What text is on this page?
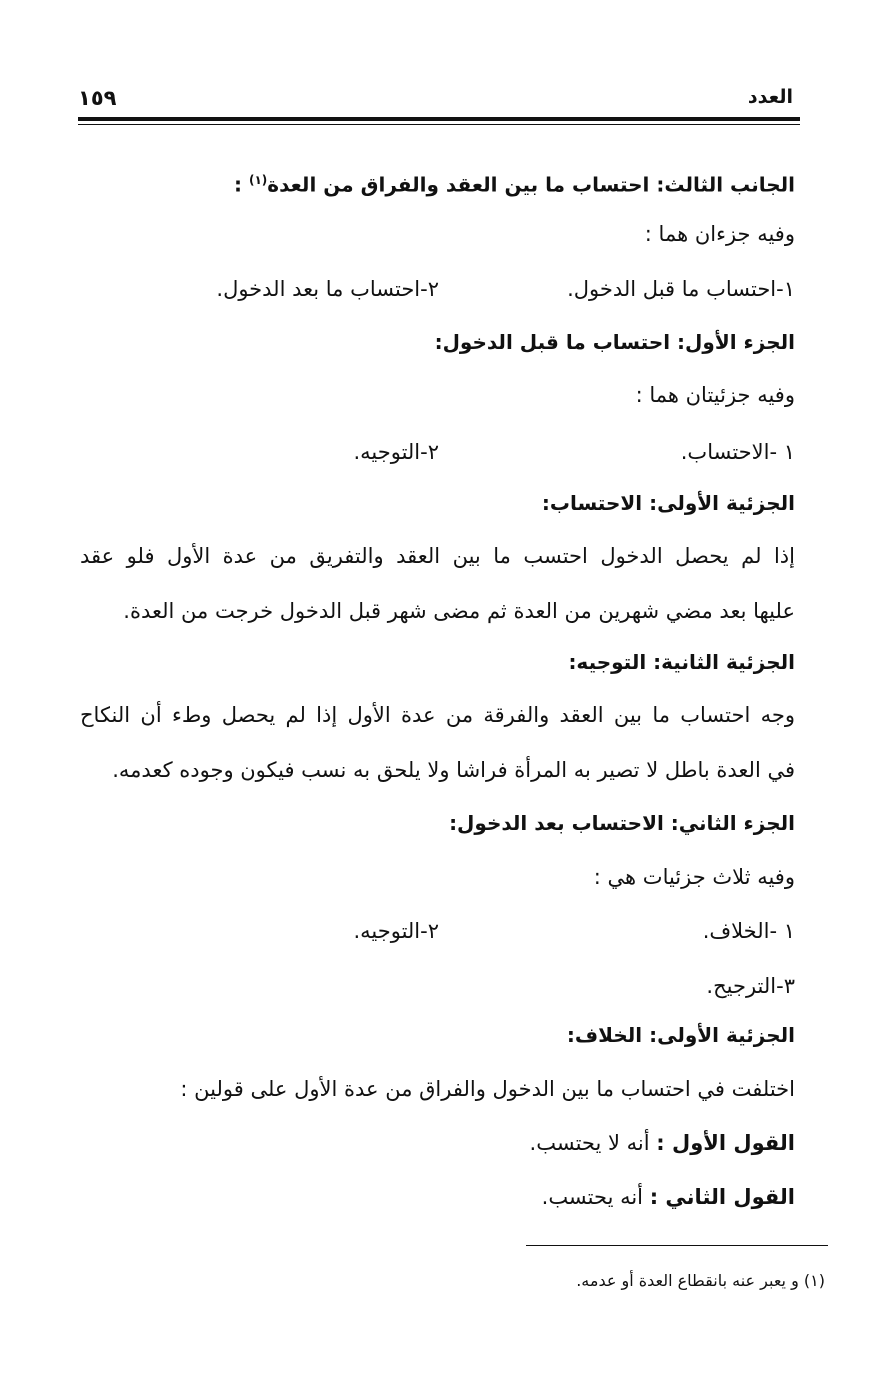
العدد
١٥٩
الجانب الثالث: احتساب ما بين العقد والفراق من العدة$^{(١)}$ :
وفيه جزءان هما :
١-احتساب ما قبل الدخول.
٢-احتساب ما بعد الدخول.
الجزء الأول: احتساب ما قبل الدخول:
وفيه جزئيتان هما :
١ -الاحتساب.
٢-التوجيه.
الجزئية الأولى: الاحتساب:
إذا لم يحصل الدخول احتسب ما بين العقد والتفريق من عدة الأول فلو عقد
عليها بعد مضي شهرين من العدة ثم مضى شهر قبل الدخول خرجت من العدة.
الجزئية الثانية: التوجيه:
وجه احتساب ما بين العقد والفرقة من عدة الأول إذا لم يحصل وطء أن النكاح
في العدة باطل لا تصير به المرأة فراشا ولا يلحق به نسب فيكون وجوده كعدمه.
الجزء الثاني: الاحتساب بعد الدخول:
وفيه ثلاث جزئيات هي :
١ -الخلاف.
٢-التوجيه.
٣-الترجيح.
الجزئية الأولى: الخلاف:
اختلفت في احتساب ما بين الدخول والفراق من عدة الأول على قولين :
القول الأول : أنه لا يحتسب.
القول الثاني : أنه يحتسب.
(١) و يعبر عنه بانقطاع العدة أو عدمه.
